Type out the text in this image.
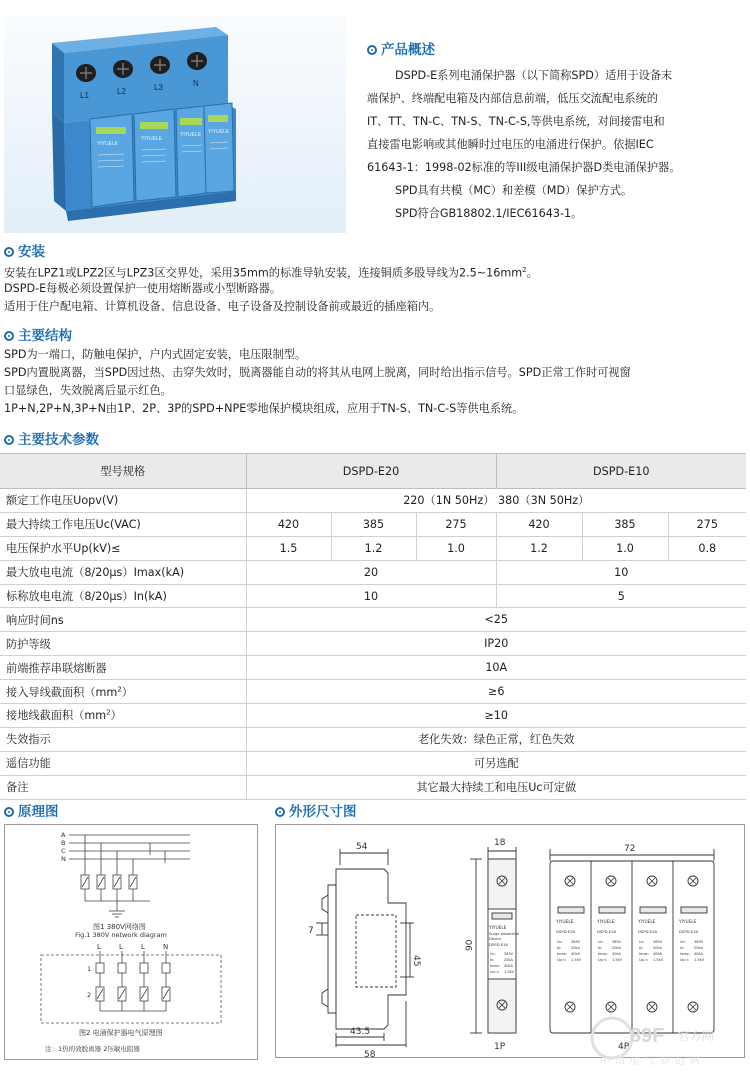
L1	L2	L3	N
YIYUELE
YIYUELE
YIYUELE YIYUELE
产品概述
DSPD-E系列电涌保护器（以下简称SPD）适用于设备末
端保护、终端配电箱及内部信息前端，低压交流配电系统的
IT、TT、TN-C、TN-S、TN-C-S,等供电系统，对间接雷电和
直接雷电影响或其他瞬时过电压的电涌进行保护。依据IEC
61643-1：1998-02标准的等III级电涌保护器D类电涌保护器。
SPD具有共模（MC）和差模（MD）保护方式。
SPD符合GB18802.1/IEC61643-1。
安装
安装在LPZ1或LPZ2区与LPZ3区交界处，采用35mm的标准导轨安装，连接铜质多股导线为$2.5\sim 16mm^2$。
DSPD-E每极必须设置保护一使用熔断器或小型断路器。
适用于住户配电箱、计算机设备、信息设备、电子设备及控制设备前或最近的插座箱内。
主要结构
SPD为一端口，防触电保护，户内式固定安装，电压限制型。
SPD内置脱离器，当SPD因过热、击穿失效时，脱离器能自动的将其从电网上脱离，同时给出指示信号。SPD正常工作时可视窗
口显绿色，失效脱离后显示红色。
1P+N,2P+N,3P+N由1P、2P、3P的SPD+NPE零地保护模块组成，应用于TN-S、TN-C-S等供电系统。
主要技术参数
型号规格	DSPD-E20			DSPD-E10		
额定工作电压Uopv(V)	220（1N 50Hz） 380（3N 50Hz）					
最大持续工作电压Uc(VAC)	420	385	275	420	385	275
电压保护水平Up(kV)≤	1.5	1.2	1.0	1.2	1.0	0.8
最大放电电流（8/20μs）Imax(kA)	20			10		
标称放电电流（8/20μs）In(kA)	10			5		
响应时间ns	<25					
防护等级	IP20					
前端推荐串联熔断器	10A					
接入导线截面积$(mm^2)$	≥6					
接地线截面积$(mm^2)$	≥10					
失效指示	老化失效：绿色正常，红色失效					
遥信功能	可另选配					
备注	其它最大持续工和电压Uc可定做					
原理图
A
B
C
N
图1 380V网络图
Fig.1 380V network diagram
L	L	L	N
1
2
图2 电涌保护器电气原理图
注：1热的效脱离器 2压敏电阻器
外形尺寸图
54
45
7
43.5
58
18
90
YIYUELE
Surge protective
Device
DSPD-E40
Uc: 385V
In:	20kA
Imax: 40kA
Up:< 1.5kV
1P
72
YIYUELE	YIYUELE	YIYUELE	YIYUELE
DSPD-E40	DSPD-E40	DSPD-E40	DSPD-E40
Uc: 385V
In:	20kA
Imax: 40kA
Up:< 1.5kV
Uc: 385V
In:	20kA
Imax: 40kA
Up:< 1.5kV
Uc: 385V
In:	20kA
Imax: 40kA
Up:< 1.5kV
Uc: 385V
In:	20kA
Imax: 40kA
Up:< 1.5kV
4P 89F 官方网
中国电气制造网
